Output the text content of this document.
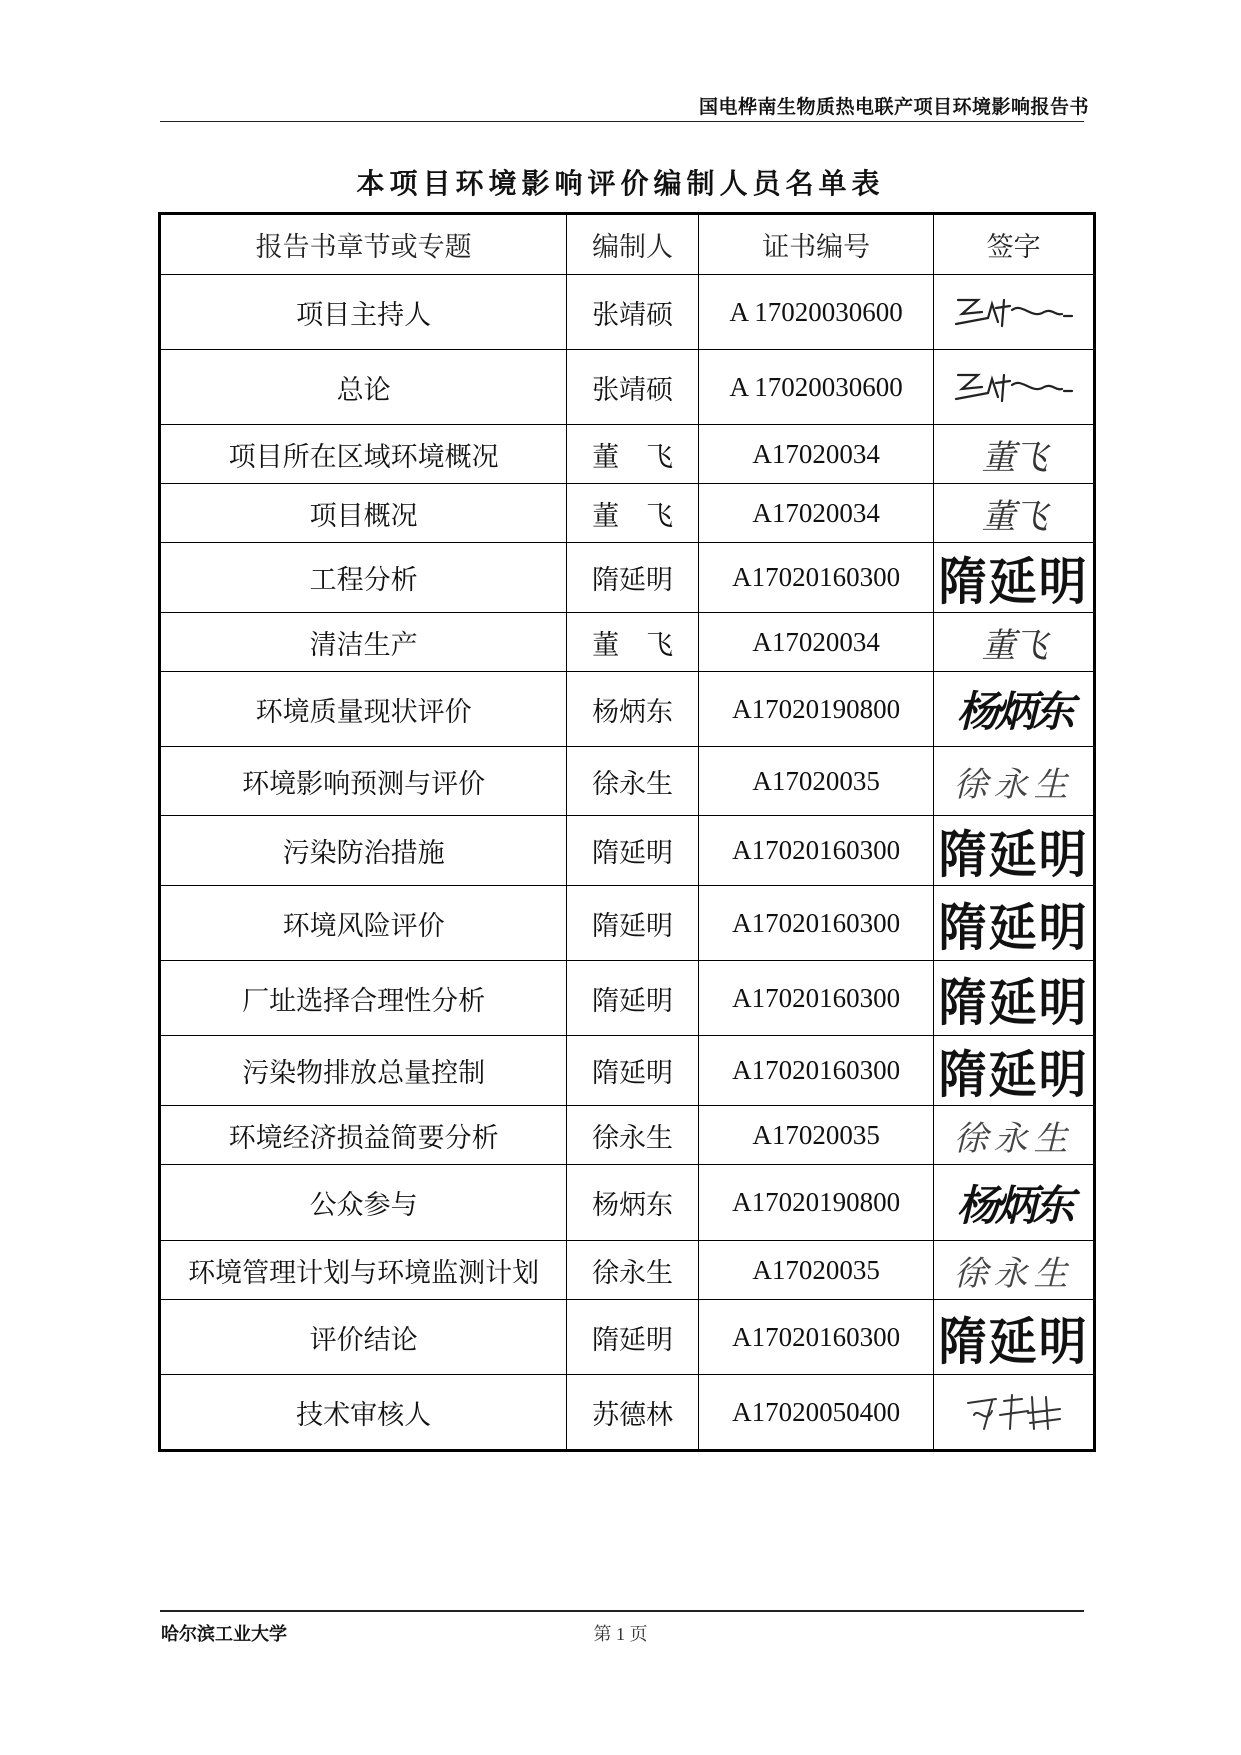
国电桦南生物质热电联产项目环境影响报告书
本项目环境影响评价编制人员名单表
报告书章节或专题	编制人	证书编号	签字
项目主持人	张靖硕	A 17020030600	

总论	张靖硕	A 17020030600	

项目所在区域环境概况	董　飞	A17020034	董飞
项目概况	董　飞	A17020034	董飞
工程分析	隋延明	A17020160300	隋延明
清洁生产	董　飞	A17020034	董飞
环境质量现状评价	杨炳东	A17020190800	杨炳东
环境影响预测与评价	徐永生	A17020035	徐永生
污染防治措施	隋延明	A17020160300	隋延明
环境风险评价	隋延明	A17020160300	隋延明
厂址选择合理性分析	隋延明	A17020160300	隋延明
污染物排放总量控制	隋延明	A17020160300	隋延明
环境经济损益简要分析	徐永生	A17020035	徐永生
公众参与	杨炳东	A17020190800	杨炳东
环境管理计划与环境监测计划	徐永生	A17020035	徐永生
评价结论	隋延明	A17020160300	隋延明
技术审核人	苏德林	A17020050400	
哈尔滨工业大学	第 1 页
